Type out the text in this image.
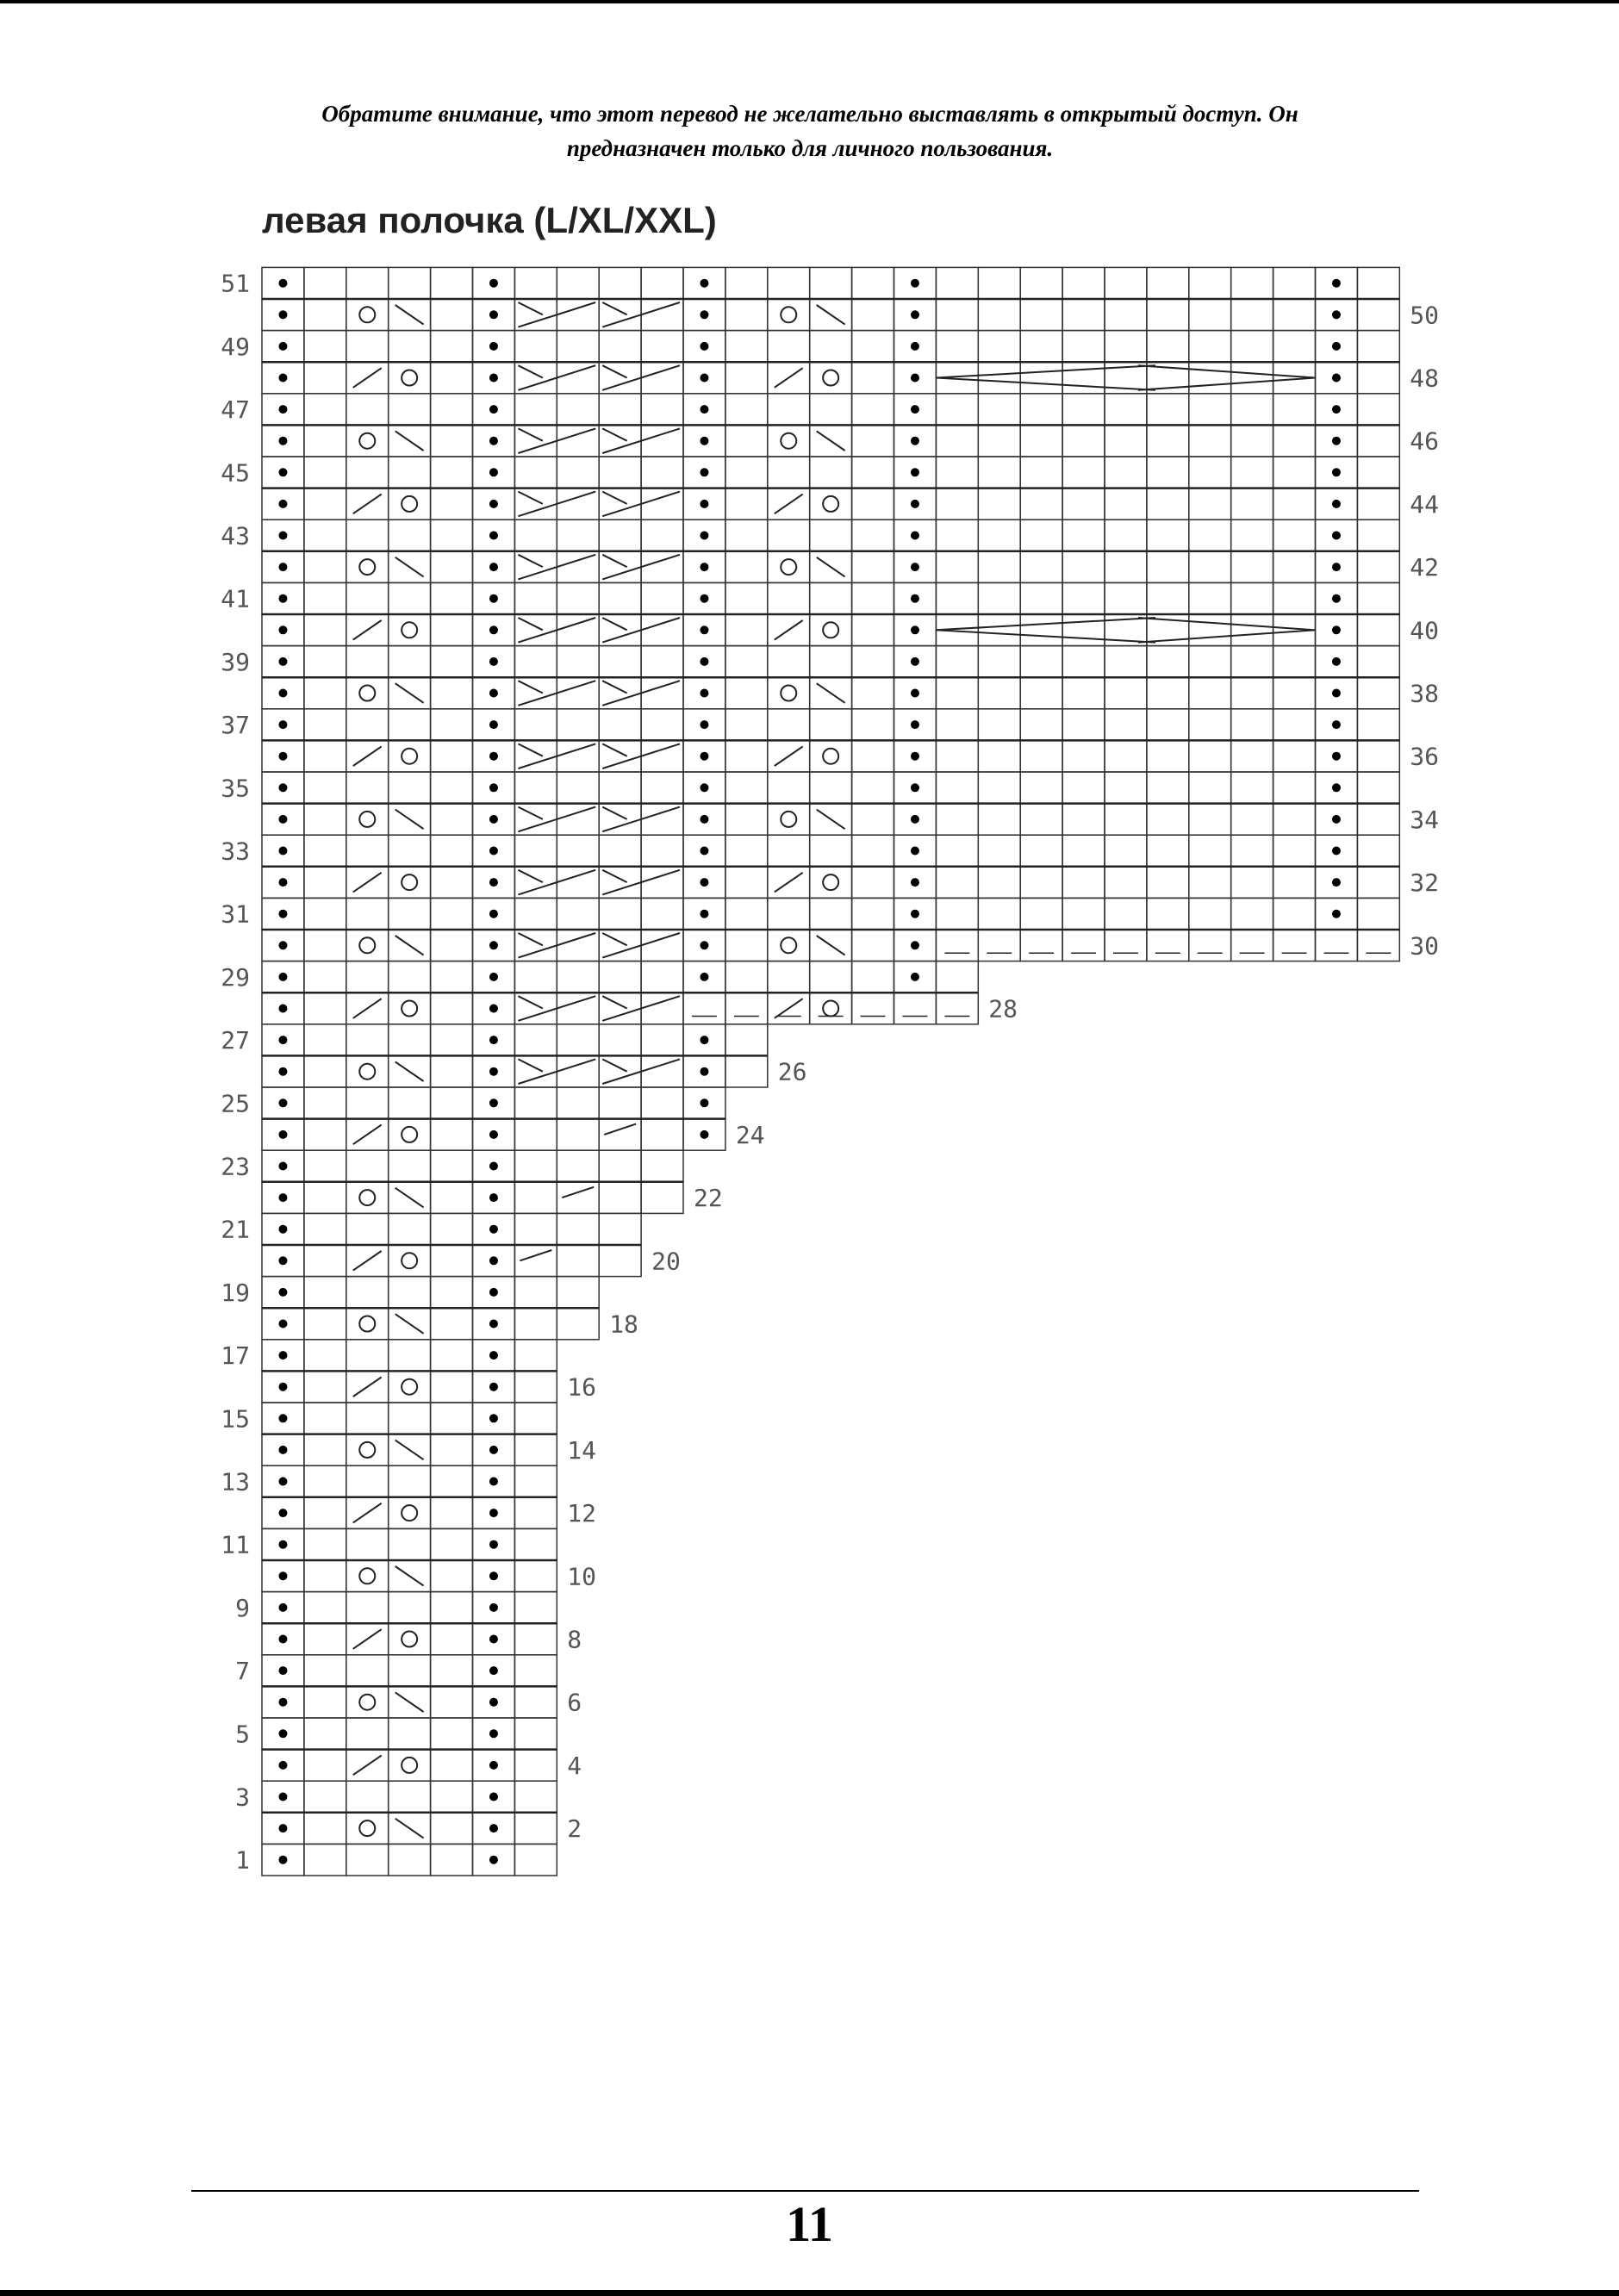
Обратите внимание, что этот перевод не желательно выставлять в открытый доступ. Он
предназначен только для личного пользования.
левая полочка (L/XL/XXL)
1
3
5
7
9
11
13
15
17
19
21
23
25
27
29
31
33
35
37
39
41
43
45
47
49
51
2
4
6
8
10
12
14
16
18
20
22
24
26
28
30
32
34
36
38
40
42
44
46
48
50
11
